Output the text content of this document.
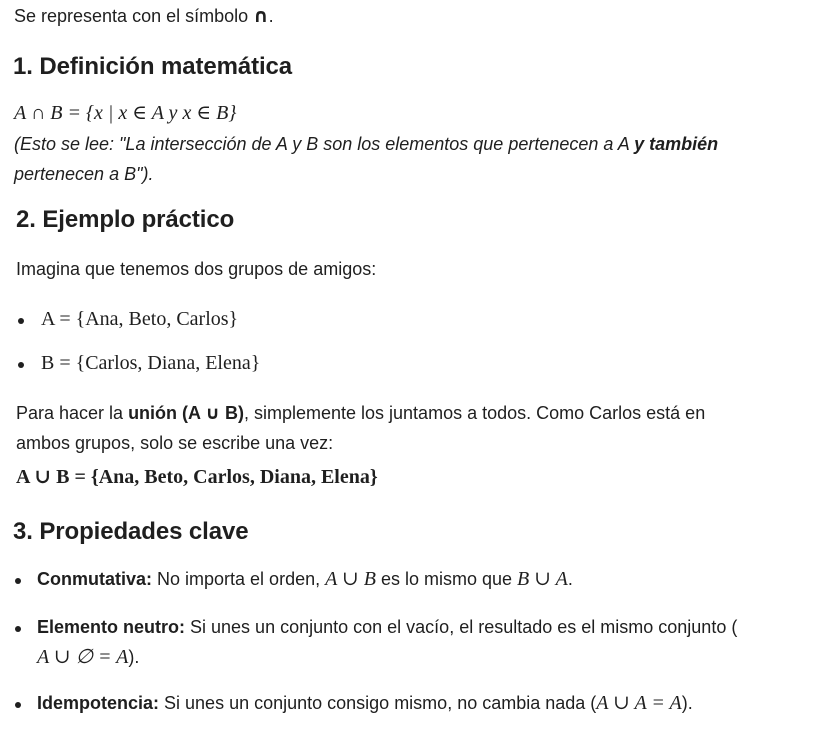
Se representa con el símbolo ∩.
1. Definición matemática
A ∩ B = {x | x ∈ A y x ∈ B}
(Esto se lee: "La intersección de A y B son los elementos que pertenecen a A y también
pertenecen a B").
2. Ejemplo práctico
Imagina que tenemos dos grupos de amigos:
A = {Ana, Beto, Carlos}
B = {Carlos, Diana, Elena}
Para hacer la unión (A ∪ B), simplemente los juntamos a todos. Como Carlos está en
ambos grupos, solo se escribe una vez:
A ∪ B = {Ana, Beto, Carlos, Diana, Elena}
3. Propiedades clave
Conmutativa: No importa el orden, A ∪ B es lo mismo que B ∪ A.
Elemento neutro: Si unes un conjunto con el vacío, el resultado es el mismo conjunto (
A ∪ ∅ = A).
Idempotencia: Si unes un conjunto consigo mismo, no cambia nada (A ∪ A = A).
